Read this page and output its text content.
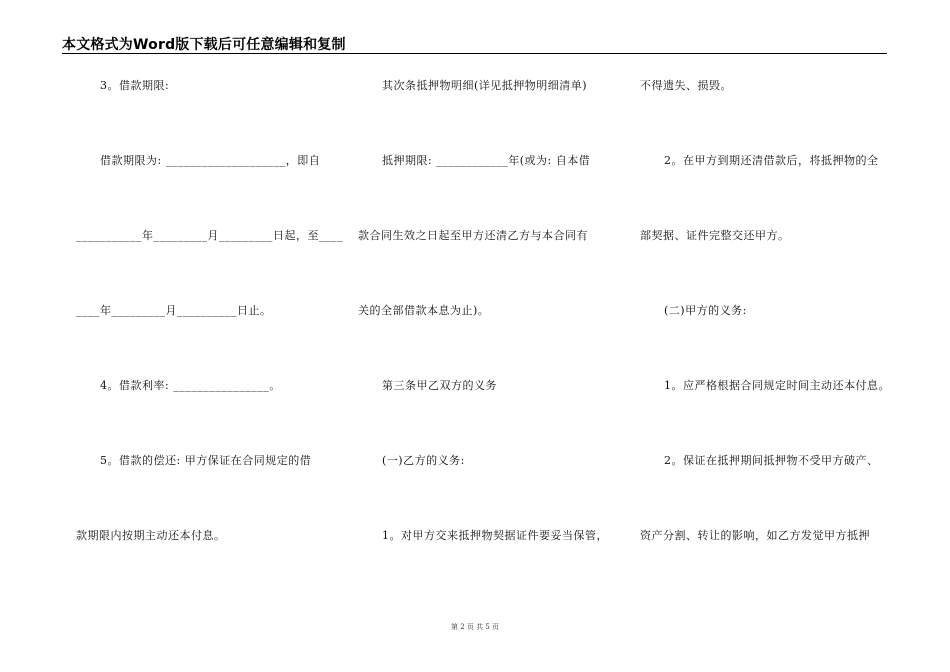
本文格式为Word版下载后可任意编辑和复制
3。借款期限:
借款期限为: ____________________，即自
___________年_________月_________日起，至____
____年_________月__________日止。
4。借款利率: ________________。
5。借款的偿还: 甲方保证在合同规定的借
款期限内按期主动还本付息。
其次条抵押物明细(详见抵押物明细清单)
抵押期限: ____________年(或为: 自本借
款合同生效之日起至甲方还清乙方与本合同有
关的全部借款本息为止)。
第三条甲乙双方的义务
(一)乙方的义务:
1。对甲方交来抵押物契据证件要妥当保管，
不得遗失、损毁。
2。在甲方到期还清借款后，将抵押物的全
部契据、证件完整交还甲方。
(二)甲方的义务:
1。应严格根据合同规定时间主动还本付息。
2。保证在抵押期间抵押物不受甲方破产、
资产分割、转让的影响，如乙方发觉甲方抵押
第 2 页 共 5 页
